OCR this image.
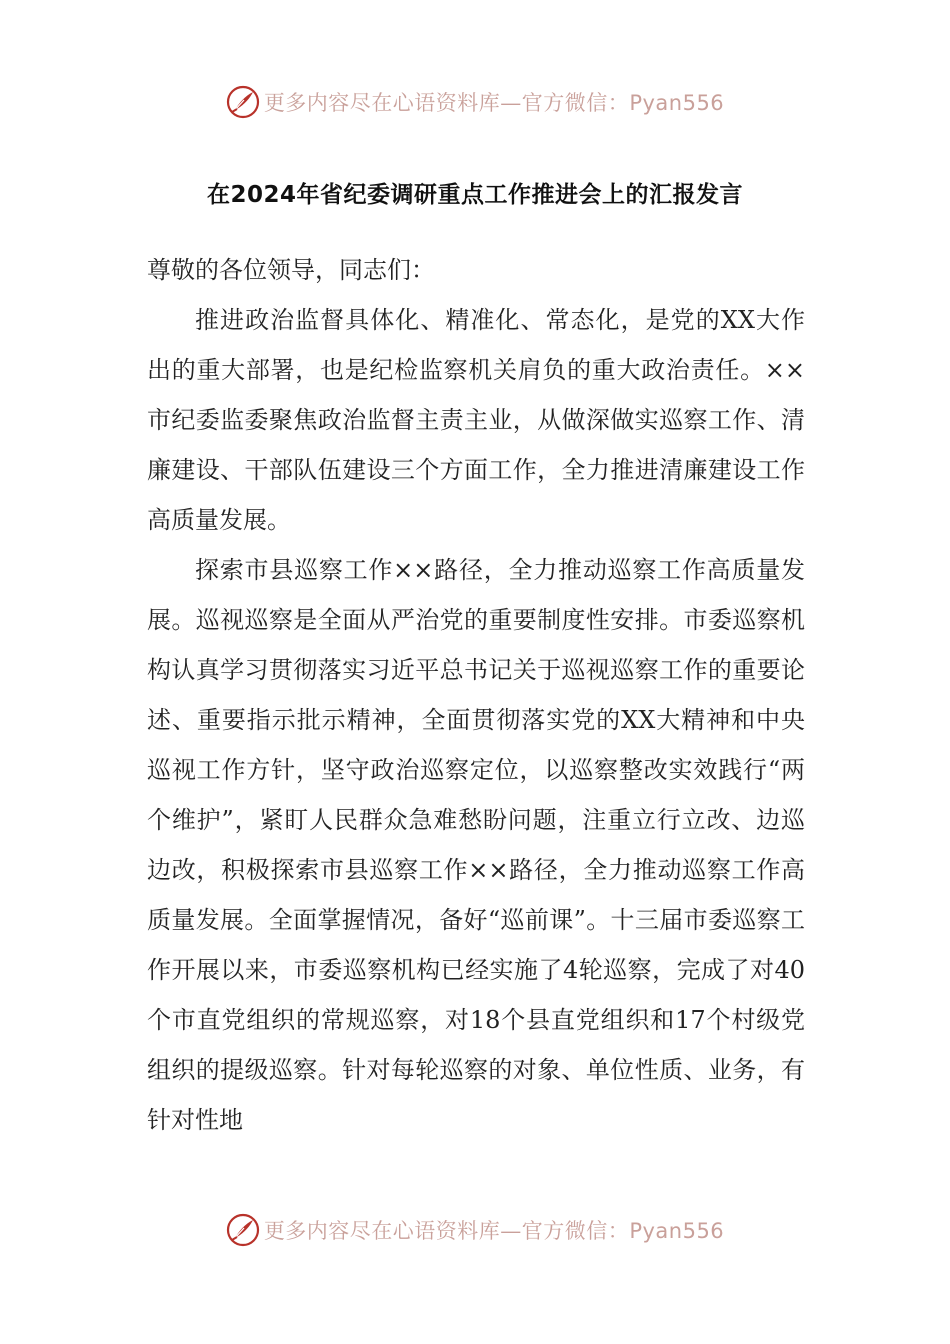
更多内容尽在心语资料库—官方微信：Pyan556
在2024年省纪委调研重点工作推进会上的汇报发言

尊敬的各位领导，同志们：

推进政治监督具体化、精准化、常态化，是党的XX大作出的重大部署，也是纪检监察机关肩负的重大政治责任。××市纪委监委聚焦政治监督主责主业，从做深做实巡察工作、清廉建设、干部队伍建设三个方面工作，全力推进清廉建设工作高质量发展。

探索市县巡察工作××路径，全力推动巡察工作高质量发展。巡视巡察是全面从严治党的重要制度性安排。市委巡察机构认真学习贯彻落实习近平总书记关于巡视巡察工作的重要论述、重要指示批示精神，全面贯彻落实党的XX大精神和中央巡视工作方针，坚守政治巡察定位，以巡察整改实效践行“两个维护”，紧盯人民群众急难愁盼问题，注重立行立改、边巡边改，积极探索市县巡察工作××路径，全力推动巡察工作高质量发展。全面掌握情况，备好“巡前课”。十三届市委巡察工作开展以来，市委巡察机构已经实施了4轮巡察，完成了对40个市直党组织的常规巡察，对18个县直党组织和17个村级党组织的提级巡察。针对每轮巡察的对象、单位性质、业务，有针对性地

更多内容尽在心语资料库—官方微信：Pyan556
